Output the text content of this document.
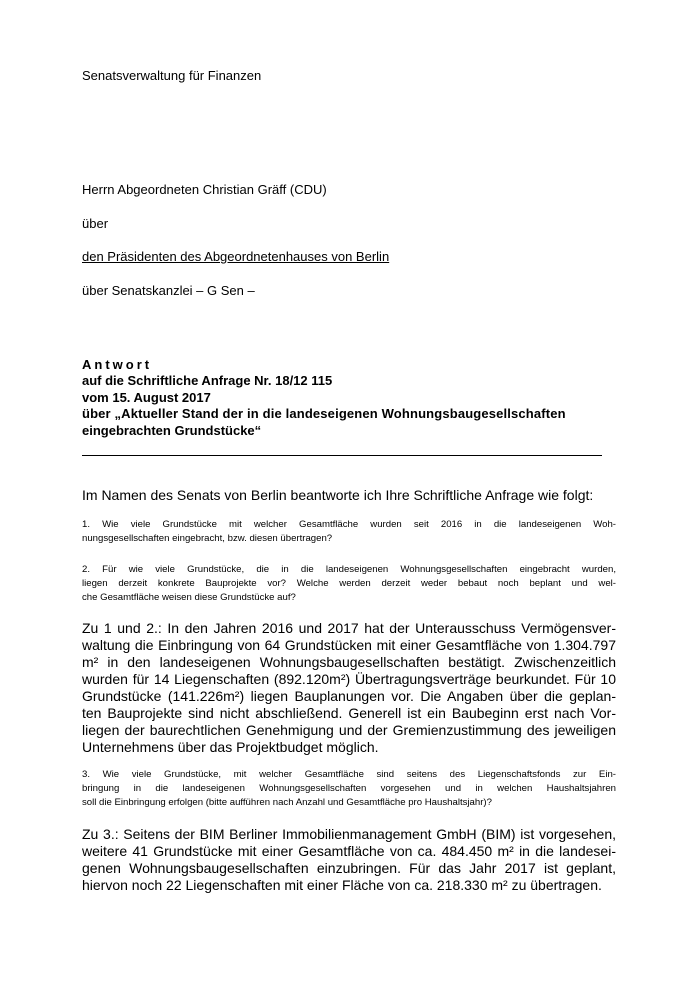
Senatsverwaltung für Finanzen

Herrn Abgeordneten Christian Gräff (CDU)

über

den Präsidenten des Abgeordnetenhauses von Berlin

über Senatskanzlei – G Sen –

Antwort

auf die Schriftliche Anfrage Nr. 18/12 115

vom 15. August 2017

über „Aktueller Stand der in die landeseigenen Wohnungsbaugesellschaften

eingebrachten Grundstücke“

Im Namen des Senats von Berlin beantworte ich Ihre Schriftliche Anfrage wie folgt:

1. Wie viele Grundstücke mit welcher Gesamtfläche wurden seit 2016 in die landeseigenen Woh-

nungsgesellschaften eingebracht, bzw. diesen übertragen?

2. Für wie viele Grundstücke, die in die landeseigenen Wohnungsgesellschaften eingebracht wurden,

liegen derzeit konkrete Bauprojekte vor? Welche werden derzeit weder bebaut noch beplant und wel-

che Gesamtfläche weisen diese Grundstücke auf?

Zu 1 und 2.: In den Jahren 2016 und 2017 hat der Unterausschuss Vermögensver-

waltung die Einbringung von 64 Grundstücken mit einer Gesamtfläche von 1.304.797

m² in den landeseigenen Wohnungsbaugesellschaften bestätigt. Zwischenzeitlich

wurden für 14 Liegenschaften (892.120m²) Übertragungsverträge beurkundet. Für 10

Grundstücke (141.226m²) liegen Bauplanungen vor. Die Angaben über die geplan-

ten Bauprojekte sind nicht abschließend. Generell ist ein Baubeginn erst nach Vor-

liegen der baurechtlichen Genehmigung und der Gremienzustimmung des jeweiligen

Unternehmens über das Projektbudget möglich.

3. Wie viele Grundstücke, mit welcher Gesamtfläche sind seitens des Liegenschaftsfonds zur Ein-

bringung in die landeseigenen Wohnungsgesellschaften vorgesehen und in welchen Haushaltsjahren

soll die Einbringung erfolgen (bitte aufführen nach Anzahl und Gesamtfläche pro Haushaltsjahr)?

Zu 3.: Seitens der BIM Berliner Immobilienmanagement GmbH (BIM) ist vorgesehen,

weitere 41 Grundstücke mit einer Gesamtfläche von ca. 484.450 m² in die landesei-

genen Wohnungsbaugesellschaften einzubringen. Für das Jahr 2017 ist geplant,

hiervon noch 22 Liegenschaften mit einer Fläche von ca. 218.330 m² zu übertragen.
